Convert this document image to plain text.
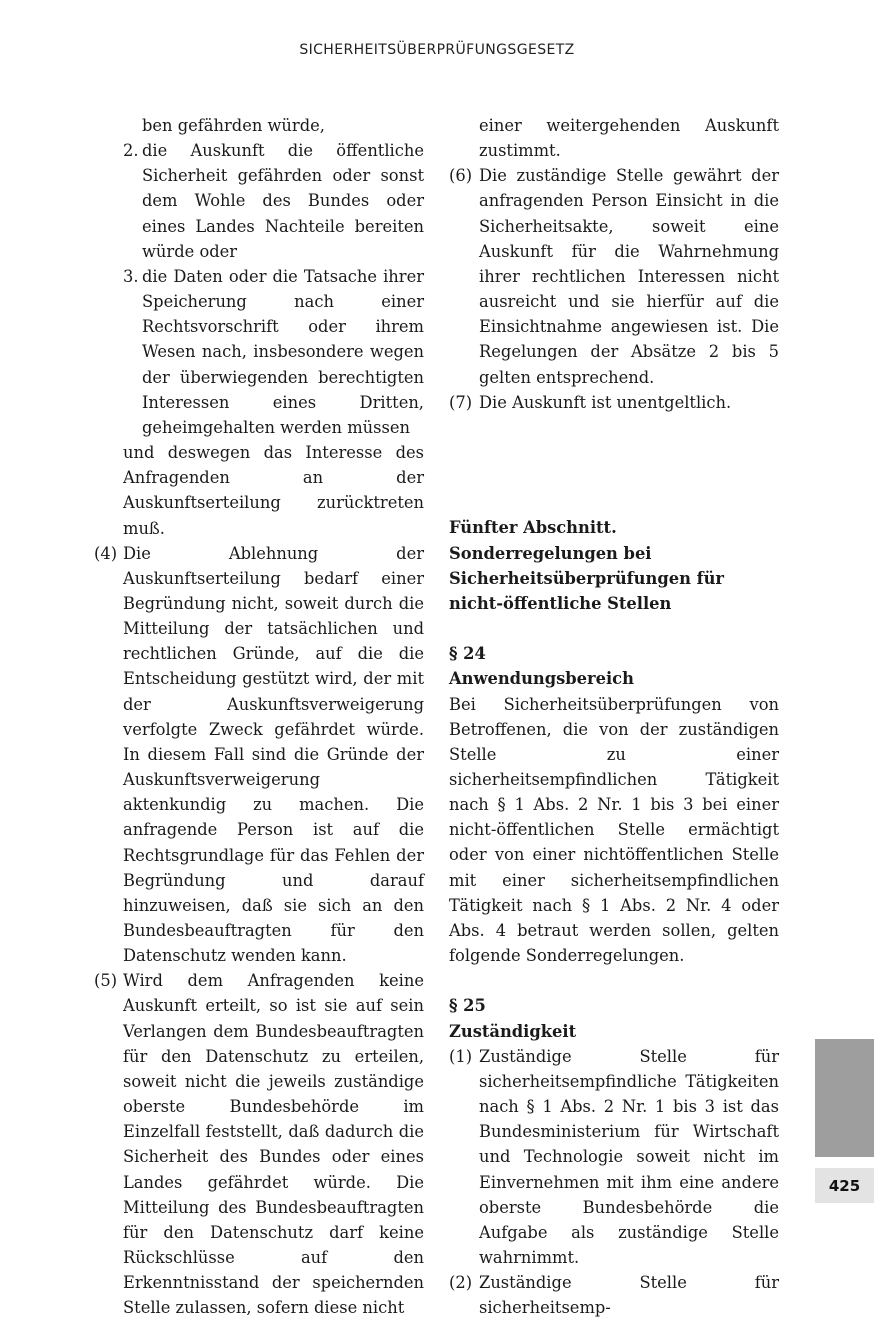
SICHERHEITSÜBERPRÜFUNGSGESETZ
ben gefährden würde,
2. die Auskunft die öffentliche Sicherheit gefährden oder sonst dem Wohle des Bundes oder eines Landes Nachteile bereiten würde oder
3. die Daten oder die Tatsache ihrer Speicherung nach einer Rechtsvorschrift oder ihrem Wesen nach, insbesondere wegen der überwiegenden berechtigten Interessen eines Dritten, geheimgehalten werden müssen
und deswegen das Interesse des Anfragenden an der Auskunftserteilung zurücktreten muß.
(4) Die Ablehnung der Auskunftserteilung bedarf einer Begründung nicht, soweit durch die Mitteilung der tatsächlichen und rechtlichen Gründe, auf die die Entscheidung gestützt wird, der mit der Auskunftsverweigerung verfolgte Zweck gefährdet würde. In diesem Fall sind die Gründe der Auskunftsverweigerung aktenkundig zu machen. Die anfragende Person ist auf die Rechtsgrundlage für das Fehlen der Begründung und darauf hinzuweisen, daß sie sich an den Bundesbeauftragten für den Datenschutz wenden kann.
(5) Wird dem Anfragenden keine Auskunft erteilt, so ist sie auf sein Verlangen dem Bundesbeauftragten für den Datenschutz zu erteilen, soweit nicht die jeweils zuständige oberste Bundesbehörde im Einzelfall feststellt, daß dadurch die Sicherheit des Bundes oder eines Landes gefährdet würde. Die Mitteilung des Bundesbeauftragten für den Datenschutz darf keine Rückschlüsse auf den Erkenntnisstand der speichernden Stelle zulassen, sofern diese nicht
einer weitergehenden Auskunft zustimmt.
(6) Die zuständige Stelle gewährt der anfragenden Person Einsicht in die Sicherheitsakte, soweit eine Auskunft für die Wahrnehmung ihrer rechtlichen Interessen nicht ausreicht und sie hierfür auf die Einsichtnahme angewiesen ist. Die Regelungen der Absätze 2 bis 5 gelten entsprechend.
(7) Die Auskunft ist unentgeltlich.
Fünfter Abschnitt.
Sonderregelungen bei Sicherheitsüberprüfungen für nicht-öffentliche Stellen
§ 24
Anwendungsbereich
Bei Sicherheitsüberprüfungen von Betroffenen, die von der zuständigen Stelle zu einer sicherheitsempfindlichen Tätigkeit nach § 1 Abs. 2 Nr. 1 bis 3 bei einer nicht-öffentlichen Stelle ermächtigt oder von einer nichtöffentlichen Stelle mit einer sicherheitsempfindlichen Tätigkeit nach § 1 Abs. 2 Nr. 4 oder Abs. 4 betraut werden sollen, gelten folgende Sonderregelungen.
§ 25
Zuständigkeit
(1) Zuständige Stelle für sicherheitsempfindliche Tätigkeiten nach § 1 Abs. 2 Nr. 1 bis 3 ist das Bundesministerium für Wirtschaft und Technologie soweit nicht im Einvernehmen mit ihm eine andere oberste Bundesbehörde die Aufgabe als zuständige Stelle wahrnimmt.
(2) Zuständige Stelle für sicherheitsemp-
425
